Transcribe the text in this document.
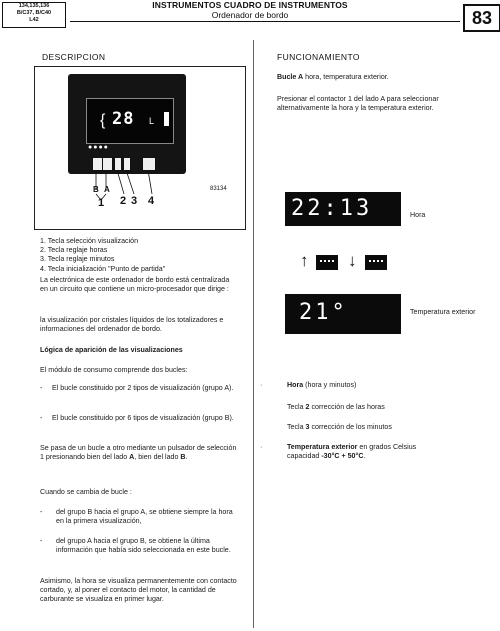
134,135,136
B/C37, B/C40
L42
INSTRUMENTOS CUADRO DE INSTRUMENTOS
Ordenador de bordo	83
DESCRIPCION
{ 28 L
●●●●
B A
1 2 3 4
83134
1. Tecla selección visualización
2. Tecla reglaje horas
3. Tecla reglaje minutos
4. Tecla inicialización "Punto de partida"
La electrónica de este ordenador de bordo está centralizada en un circuito que contiene un micro-procesador que dirige :
la visualización por cristales líquidos de los totalizadores e informaciones del ordenador de bordo.
Lógica de aparición de las visualizaciones
El módulo de consumo comprende dos bucles:
- El bucle constituido por 2 tipos de visualización (grupo A).
- El bucle constituido por 6 tipos de visualización (grupo B).
Se pasa de un bucle a otro mediante un pulsador de selección 1 presionando bien del lado A, bien del lado B.
Cuando se cambia de bucle :
- del grupo B hacia el grupo A, se obtiene siempre la hora en la primera visualización,
- del grupo A hacia el grupo B, se obtiene la última información que había sido seleccionada en este bucle.
Asimismo, la hora se visualiza permanentemente con contacto cortado, y, al poner el contacto del motor, la cantidad de carburante se visualiza en primer lugar.
FUNCIONAMIENTO
Bucle A hora, temperatura exterior.
Presionar el contactor 1 del lado A para seleccionar alternativamente la hora y la temperatura exterior.
22:13	Hora
↑ ↓
21°	Temperatura exterior
·	Hora (hora y minutos)
Tecla 2 corrección de las horas
Tecla 3 corrección de los minutos
·	Temperatura exterior en grados Celsius
capacidad -30°C + 50°C.
